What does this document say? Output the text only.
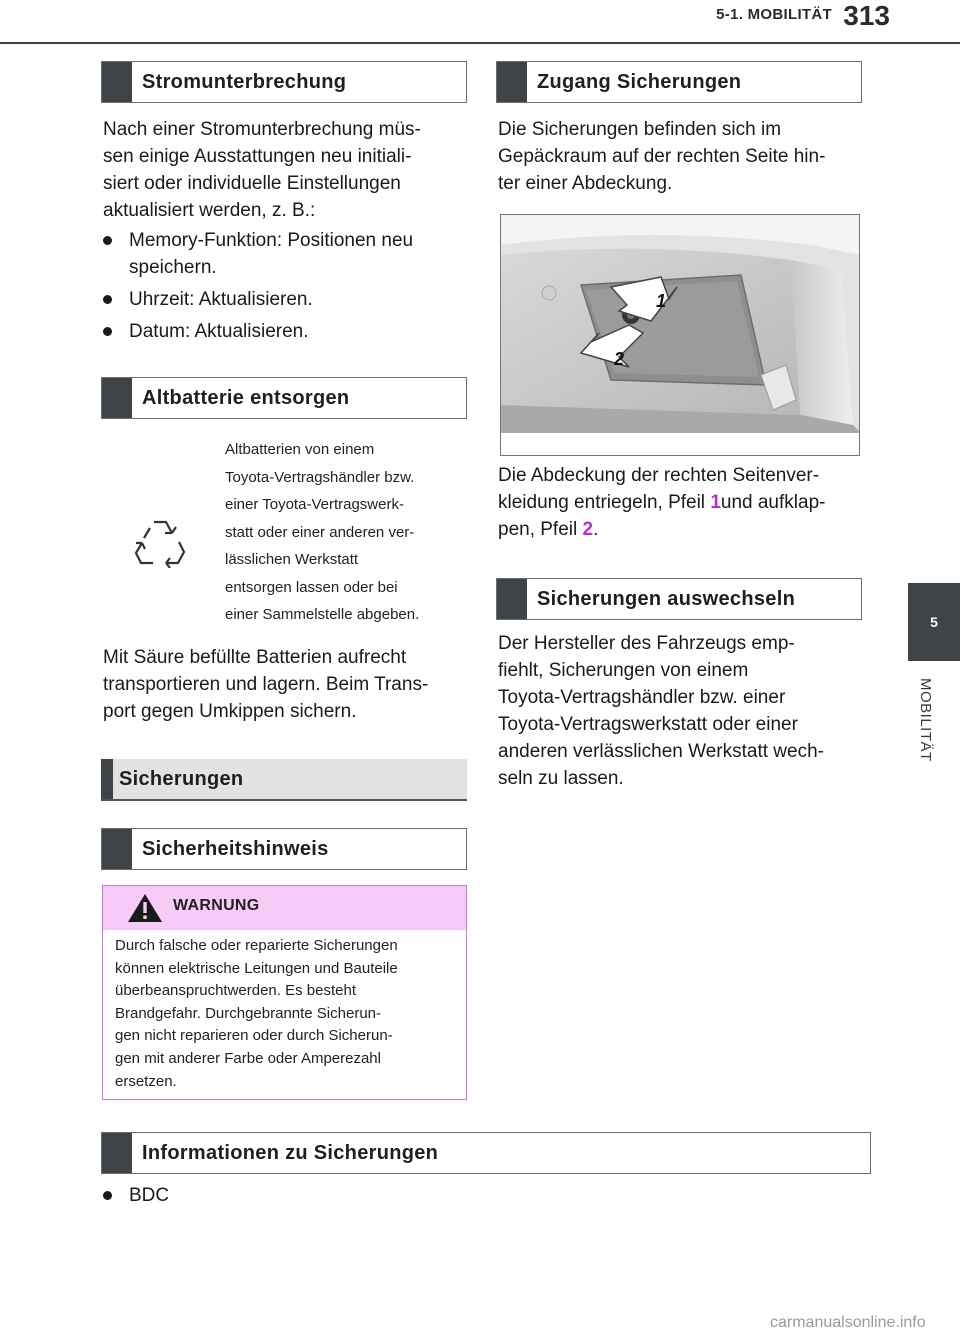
5-1. MOBILITÄT 313
5
MOBILITÄT
Stromunterbrechung
Nach einer Stromunterbrechung müs-
sen einige Ausstattungen neu initiali-
siert oder individuelle Einstellungen
aktualisiert werden, z. B.:
Memory-Funktion: Positionen neu
speichern.
Uhrzeit: Aktualisieren.
Datum: Aktualisieren.
Altbatterie entsorgen
Altbatterien von einem
Toyota-Vertragshändler bzw.
einer Toyota-Vertragswerk-
statt oder einer anderen ver-
lässlichen Werkstatt
entsorgen lassen oder bei
einer Sammelstelle abgeben.
Mit Säure befüllte Batterien aufrecht
transportieren und lagern. Beim Trans-
port gegen Umkippen sichern.
Sicherungen
Sicherheitshinweis
WARNUNG
Durch falsche oder reparierte Sicherungen
können elektrische Leitungen und Bauteile
überbeanspruchtwerden. Es besteht
Brandgefahr. Durchgebrannte Sicherun-
gen nicht reparieren oder durch Sicherun-
gen mit anderer Farbe oder Amperezahl
ersetzen.
Zugang Sicherungen
Die Sicherungen befinden sich im
Gepäckraum auf der rechten Seite hin-
ter einer Abdeckung.
1
2
Die Abdeckung der rechten Seitenver-
kleidung entriegeln, Pfeil 1und aufklap-
pen, Pfeil 2.
Sicherungen auswechseln
Der Hersteller des Fahrzeugs emp-
fiehlt, Sicherungen von einem
Toyota-Vertragshändler bzw. einer
Toyota-Vertragswerkstatt oder einer
anderen verlässlichen Werkstatt wech-
seln zu lassen.
Informationen zu Sicherungen
BDC
carmanualsonline.info
